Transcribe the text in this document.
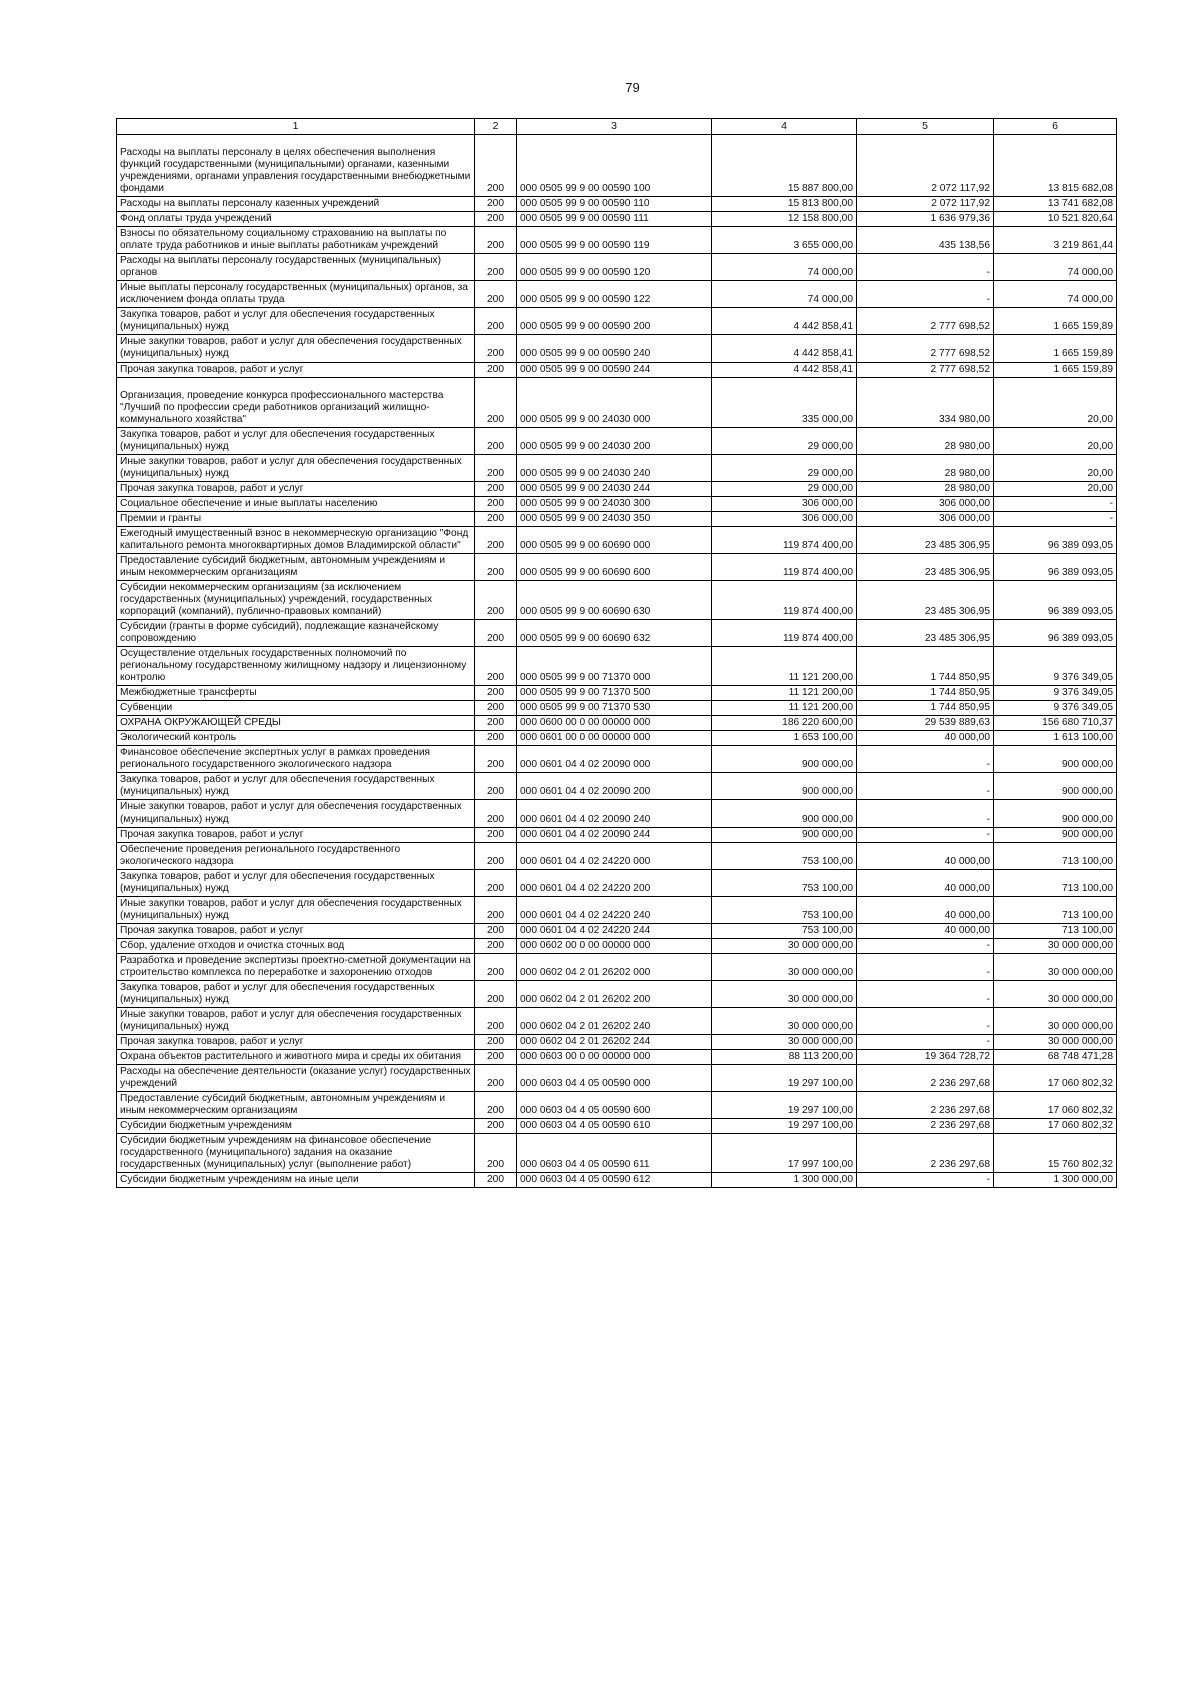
79
1	2	3	4	5	6
Расходы на выплаты персоналу в целях обеспечения выполнения функций государственными (муниципальными) органами, казенными учреждениями, органами управления государственными внебюджетными фондами	200	000 0505 99 9 00 00590 100	15 887 800,00	2 072 117,92	13 815 682,08
Расходы на выплаты персоналу казенных учреждений	200	000 0505 99 9 00 00590 110	15 813 800,00	2 072 117,92	13 741 682,08
Фонд оплаты труда учреждений	200	000 0505 99 9 00 00590 111	12 158 800,00	1 636 979,36	10 521 820,64
Взносы по обязательному социальному страхованию на выплаты по оплате труда работников и иные выплаты работникам учреждений	200	000 0505 99 9 00 00590 119	3 655 000,00	435 138,56	3 219 861,44
Расходы на выплаты персоналу государственных (муниципальных) органов	200	000 0505 99 9 00 00590 120	74 000,00	-	74 000,00
Иные выплаты персоналу государственных (муниципальных) органов, за исключением фонда оплаты труда	200	000 0505 99 9 00 00590 122	74 000,00	-	74 000,00
Закупка товаров, работ и услуг для обеспечения государственных (муниципальных) нужд	200	000 0505 99 9 00 00590 200	4 442 858,41	2 777 698,52	1 665 159,89
Иные закупки товаров, работ и услуг для обеспечения государственных (муниципальных) нужд	200	000 0505 99 9 00 00590 240	4 442 858,41	2 777 698,52	1 665 159,89
Прочая закупка товаров, работ и услуг	200	000 0505 99 9 00 00590 244	4 442 858,41	2 777 698,52	1 665 159,89
Организация, проведение конкурса профессионального мастерства "Лучший по профессии среди работников организаций жилищно-коммунального хозяйства"	200	000 0505 99 9 00 24030 000	335 000,00	334 980,00	20,00
Закупка товаров, работ и услуг для обеспечения государственных (муниципальных) нужд	200	000 0505 99 9 00 24030 200	29 000,00	28 980,00	20,00
Иные закупки товаров, работ и услуг для обеспечения государственных (муниципальных) нужд	200	000 0505 99 9 00 24030 240	29 000,00	28 980,00	20,00
Прочая закупка товаров, работ и услуг	200	000 0505 99 9 00 24030 244	29 000,00	28 980,00	20,00
Социальное обеспечение и иные выплаты населению	200	000 0505 99 9 00 24030 300	306 000,00	306 000,00	-
Премии и гранты	200	000 0505 99 9 00 24030 350	306 000,00	306 000,00	-
Ежегодный имущественный взнос в некоммерческую организацию "Фонд капитального ремонта многоквартирных домов Владимирской области"	200	000 0505 99 9 00 60690 000	119 874 400,00	23 485 306,95	96 389 093,05
Предоставление субсидий бюджетным, автономным учреждениям и иным некоммерческим организациям	200	000 0505 99 9 00 60690 600	119 874 400,00	23 485 306,95	96 389 093,05
Субсидии некоммерческим организациям (за исключением государственных (муниципальных) учреждений, государственных корпораций (компаний), публично-правовых компаний)	200	000 0505 99 9 00 60690 630	119 874 400,00	23 485 306,95	96 389 093,05
Субсидии (гранты в форме субсидий), подлежащие казначейскому сопровождению	200	000 0505 99 9 00 60690 632	119 874 400,00	23 485 306,95	96 389 093,05
Осуществление отдельных государственных полномочий по региональному государственному жилищному надзору и лицензионному контролю	200	000 0505 99 9 00 71370 000	11 121 200,00	1 744 850,95	9 376 349,05
Межбюджетные трансферты	200	000 0505 99 9 00 71370 500	11 121 200,00	1 744 850,95	9 376 349,05
Субвенции	200	000 0505 99 9 00 71370 530	11 121 200,00	1 744 850,95	9 376 349,05
ОХРАНА ОКРУЖАЮЩЕЙ СРЕДЫ	200	000 0600 00 0 00 00000 000	186 220 600,00	29 539 889,63	156 680 710,37
Экологический контроль	200	000 0601 00 0 00 00000 000	1 653 100,00	40 000,00	1 613 100,00
Финансовое обеспечение экспертных услуг в рамках проведения регионального государственного экологического надзора	200	000 0601 04 4 02 20090 000	900 000,00	-	900 000,00
Закупка товаров, работ и услуг для обеспечения государственных (муниципальных) нужд	200	000 0601 04 4 02 20090 200	900 000,00	-	900 000,00
Иные закупки товаров, работ и услуг для обеспечения государственных (муниципальных) нужд	200	000 0601 04 4 02 20090 240	900 000,00	-	900 000,00
Прочая закупка товаров, работ и услуг	200	000 0601 04 4 02 20090 244	900 000,00	-	900 000,00
Обеспечение проведения регионального государственного экологического надзора	200	000 0601 04 4 02 24220 000	753 100,00	40 000,00	713 100,00
Закупка товаров, работ и услуг для обеспечения государственных (муниципальных) нужд	200	000 0601 04 4 02 24220 200	753 100,00	40 000,00	713 100,00
Иные закупки товаров, работ и услуг для обеспечения государственных (муниципальных) нужд	200	000 0601 04 4 02 24220 240	753 100,00	40 000,00	713 100,00
Прочая закупка товаров, работ и услуг	200	000 0601 04 4 02 24220 244	753 100,00	40 000,00	713 100,00
Сбор, удаление отходов и очистка сточных вод	200	000 0602 00 0 00 00000 000	30 000 000,00	-	30 000 000,00
Разработка и проведение экспертизы проектно-сметной документации на строительство комплекса по переработке и захоронению отходов	200	000 0602 04 2 01 26202 000	30 000 000,00	-	30 000 000,00
Закупка товаров, работ и услуг для обеспечения государственных (муниципальных) нужд	200	000 0602 04 2 01 26202 200	30 000 000,00	-	30 000 000,00
Иные закупки товаров, работ и услуг для обеспечения государственных (муниципальных) нужд	200	000 0602 04 2 01 26202 240	30 000 000,00	-	30 000 000,00
Прочая закупка товаров, работ и услуг	200	000 0602 04 2 01 26202 244	30 000 000,00	-	30 000 000,00
Охрана объектов растительного и животного мира и среды их обитания	200	000 0603 00 0 00 00000 000	88 113 200,00	19 364 728,72	68 748 471,28
Расходы на обеспечение деятельности (оказание услуг) государственных учреждений	200	000 0603 04 4 05 00590 000	19 297 100,00	2 236 297,68	17 060 802,32
Предоставление субсидий бюджетным, автономным учреждениям и иным некоммерческим организациям	200	000 0603 04 4 05 00590 600	19 297 100,00	2 236 297,68	17 060 802,32
Субсидии бюджетным учреждениям	200	000 0603 04 4 05 00590 610	19 297 100,00	2 236 297,68	17 060 802,32
Субсидии бюджетным учреждениям на финансовое обеспечение государственного (муниципального) задания на оказание государственных (муниципальных) услуг (выполнение работ)	200	000 0603 04 4 05 00590 611	17 997 100,00	2 236 297,68	15 760 802,32
Субсидии бюджетным учреждениям на иные цели	200	000 0603 04 4 05 00590 612	1 300 000,00	-	1 300 000,00
